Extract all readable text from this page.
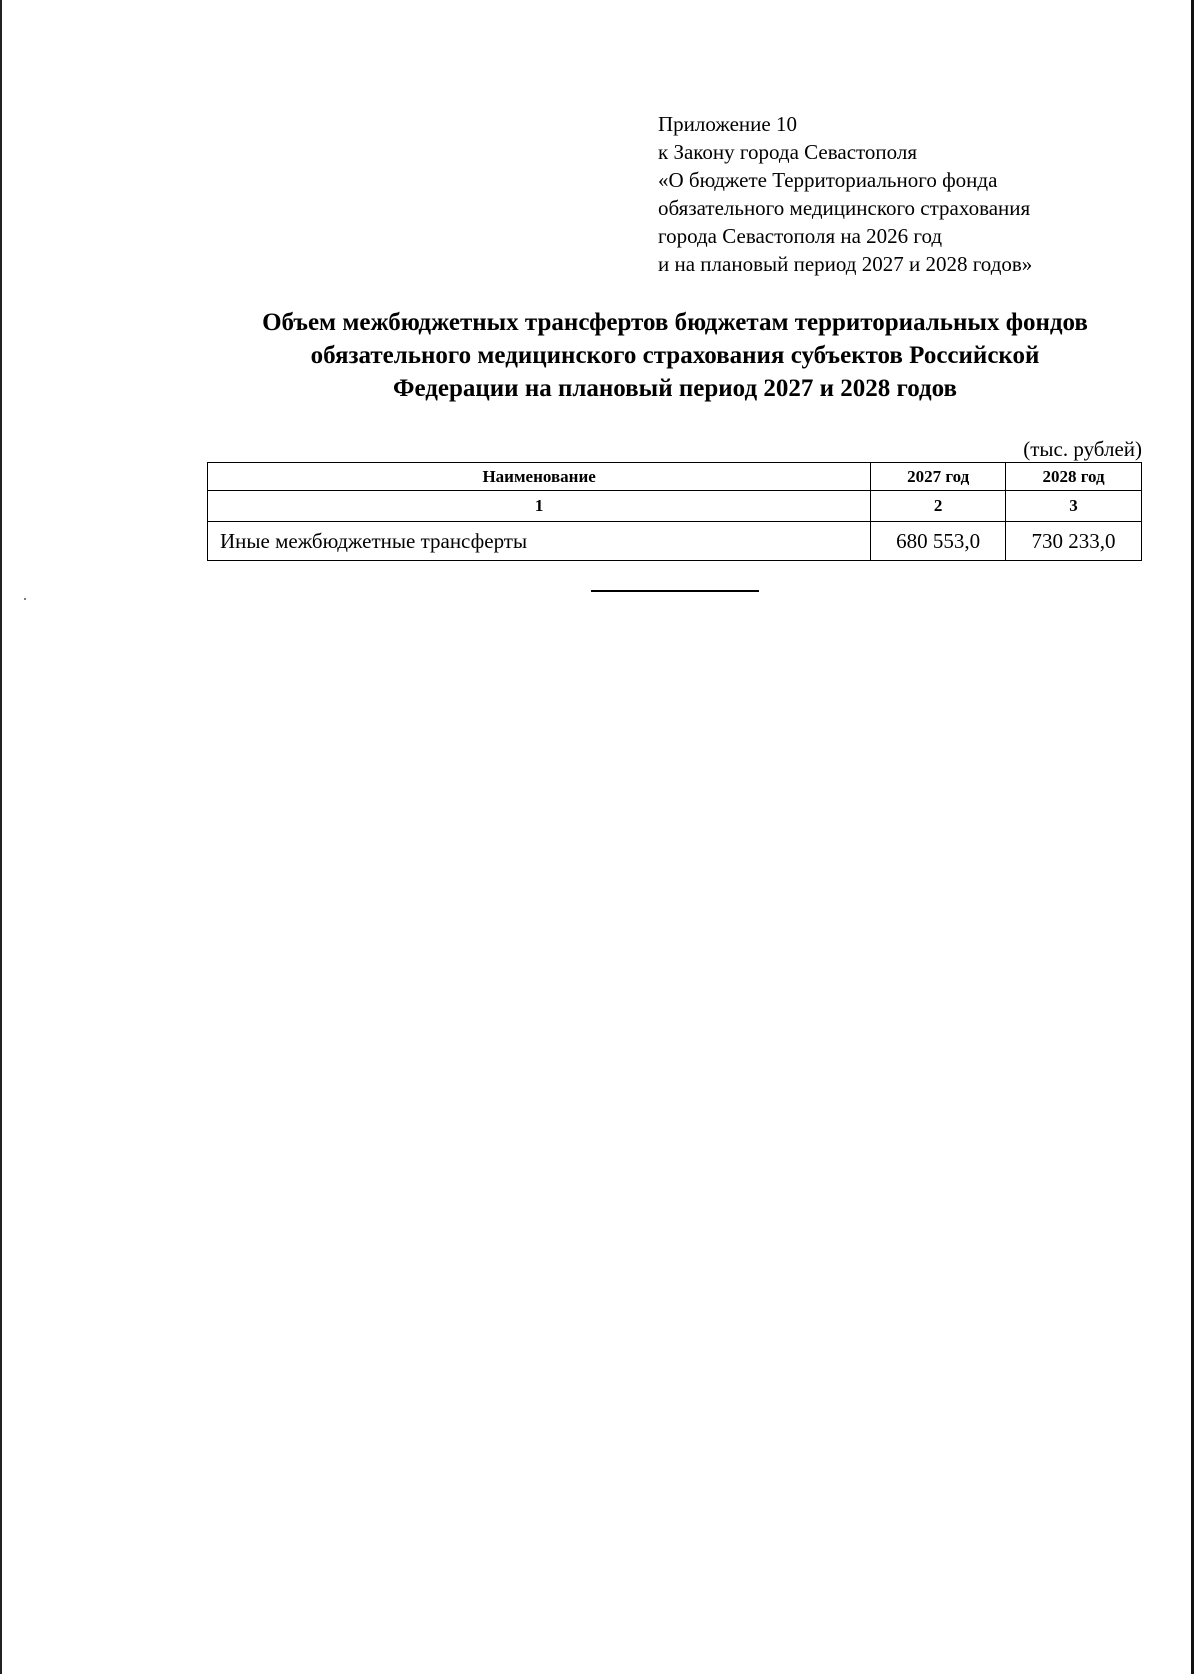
Приложение 10
к Закону города Севастополя
«О бюджете Территориального фонда
обязательного медицинского страхования
города Севастополя на 2026 год
и на плановый период 2027 и 2028 годов»
Объем межбюджетных трансфертов бюджетам территориальных фондов
обязательного медицинского страхования субъектов Российской
Федерации на плановый период 2027 и 2028 годов
(тыс. рублей)
Наименование	2027 год	2028 год
1	2	3
Иные межбюджетные трансферты	680 553,0	730 233,0
